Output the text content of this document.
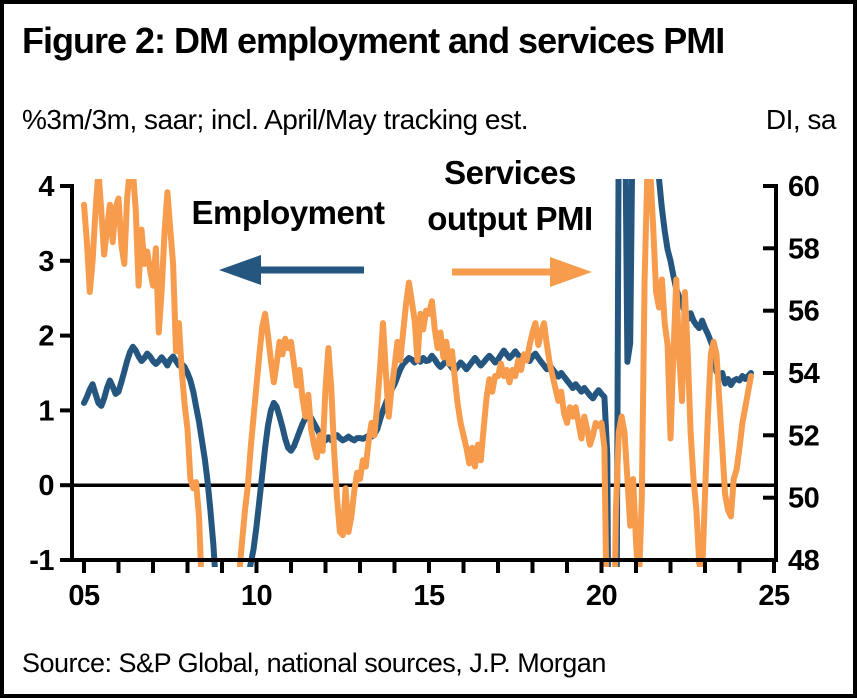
Figure 2: DM employment and services PMI
%3m/3m, saar; incl. April/May tracking est.	DI, sa
4
3
2
1
0
-1
60
58
56
54
52
50
48
05	10	15	20	25
Employment
Services
output PMI
Source: S&P Global, national sources, J.P. Morgan
